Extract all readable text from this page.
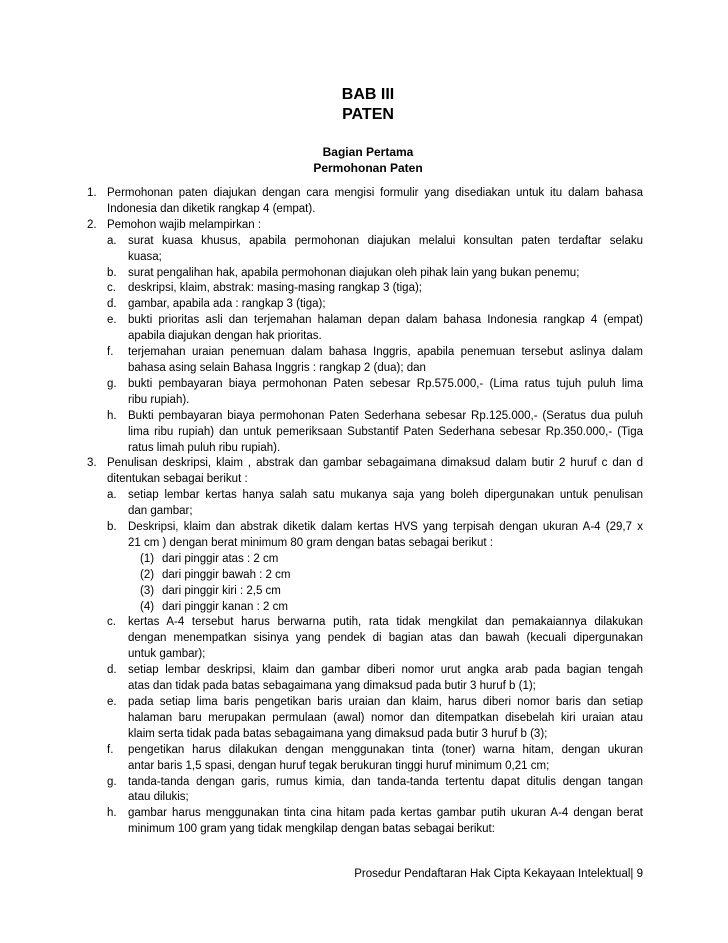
BAB III
PATEN
Bagian Pertama
Permohonan Paten
1. Permohonan paten diajukan dengan cara mengisi formulir yang disediakan untuk itu dalam bahasa
Indonesia dan diketik rangkap 4 (empat).
2. Pemohon wajib melampirkan :
a. surat kuasa khusus, apabila permohonan diajukan melalui konsultan paten terdaftar selaku
kuasa;
b. surat pengalihan hak, apabila permohonan diajukan oleh pihak lain yang bukan penemu;
c. deskripsi, klaim, abstrak: masing-masing rangkap 3 (tiga);
d. gambar, apabila ada : rangkap 3 (tiga);
e. bukti prioritas asli dan terjemahan halaman depan dalam bahasa Indonesia rangkap 4 (empat)
apabila diajukan dengan hak prioritas.
f. terjemahan uraian penemuan dalam bahasa Inggris, apabila penemuan tersebut aslinya dalam
bahasa asing selain Bahasa Inggris : rangkap 2 (dua); dan
g. bukti pembayaran biaya permohonan Paten sebesar Rp.575.000,- (Lima ratus tujuh puluh lima
ribu rupiah).
h. Bukti pembayaran biaya permohonan Paten Sederhana sebesar Rp.125.000,- (Seratus dua puluh
lima ribu rupiah) dan untuk pemeriksaan Substantif Paten Sederhana sebesar Rp.350.000,- (Tiga
ratus limah puluh ribu rupiah).
3. Penulisan deskripsi, klaim , abstrak dan gambar sebagaimana dimaksud dalam butir 2 huruf c dan d
ditentukan sebagai berikut :
a. setiap lembar kertas hanya salah satu mukanya saja yang boleh dipergunakan untuk penulisan
dan gambar;
b. Deskripsi, klaim dan abstrak diketik dalam kertas HVS yang terpisah dengan ukuran A-4 (29,7 x
21 cm ) dengan berat minimum 80 gram dengan batas sebagai berikut :
(1) dari pinggir atas : 2 cm
(2) dari pinggir bawah : 2 cm
(3) dari pinggir kiri : 2,5 cm
(4) dari pinggir kanan : 2 cm
c. kertas A-4 tersebut harus berwarna putih, rata tidak mengkilat dan pemakaiannya dilakukan
dengan menempatkan sisinya yang pendek di bagian atas dan bawah (kecuali dipergunakan
untuk gambar);
d. setiap lembar deskripsi, klaim dan gambar diberi nomor urut angka arab pada bagian tengah
atas dan tidak pada batas sebagaimana yang dimaksud pada butir 3 huruf b (1);
e. pada setiap lima baris pengetikan baris uraian dan klaim, harus diberi nomor baris dan setiap
halaman baru merupakan permulaan (awal) nomor dan ditempatkan disebelah kiri uraian atau
klaim serta tidak pada batas sebagaimana yang dimaksud pada butir 3 huruf b (3);
f. pengetikan harus dilakukan dengan menggunakan tinta (toner) warna hitam, dengan ukuran
antar baris 1,5 spasi, dengan huruf tegak berukuran tinggi huruf minimum 0,21 cm;
g. tanda-tanda dengan garis, rumus kimia, dan tanda-tanda tertentu dapat ditulis dengan tangan
atau dilukis;
h. gambar harus menggunakan tinta cina hitam pada kertas gambar putih ukuran A-4 dengan berat
minimum 100 gram yang tidak mengkilap dengan batas sebagai berikut:
Prosedur Pendaftaran Hak Cipta Kekayaan Intelektual| 9
